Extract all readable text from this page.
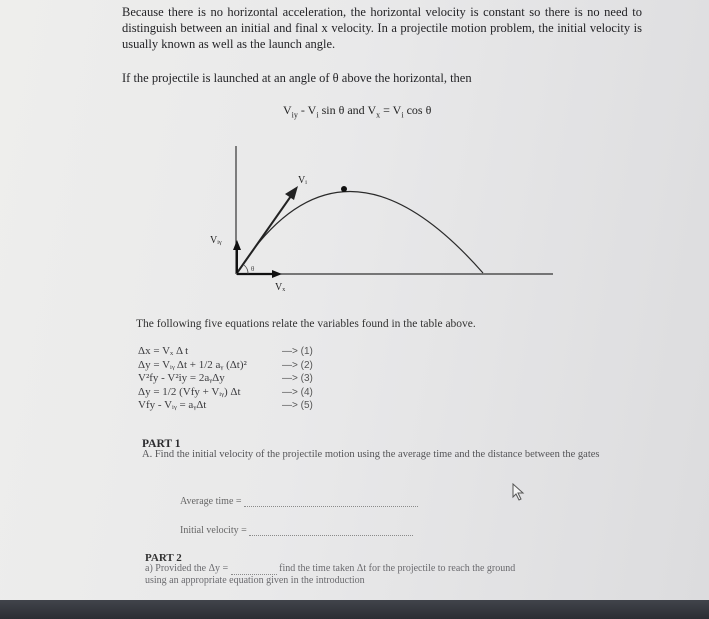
Because there is no horizontal acceleration, the horizontal velocity is constant so there is no need to distinguish between an initial and final x velocity. In a projectile motion problem, the initial velocity is usually known as well as the launch angle.
If the projectile is launched at an angle of θ above the horizontal, then
$V_{iy} - V_i$ sin θ and $V_x = V_i$ cos θ
θ
Vᵢ
Vᵢᵧ
Vₓ
The following five equations relate the variables found in the table above.
Δx = Vₓ Δ t	—> (1)
Δy = Vᵢᵧ Δt + 1/2 aᵧ (Δt)²	—> (2)
V²fy - V²iy = 2aᵧΔy	—> (3)
Δy = 1/2 (Vfy + Vᵢᵧ) Δt	—> (4)
Vfy - Vᵢᵧ = aᵧΔt	—> (5)
PART 1
A. Find the initial velocity of the projectile motion using the average time and the distance between the gates
Average time =
Initial velocity =
PART 2
a) Provided the Δy =	find the time taken Δt for the projectile to reach the ground
using an appropriate equation given in the introduction
